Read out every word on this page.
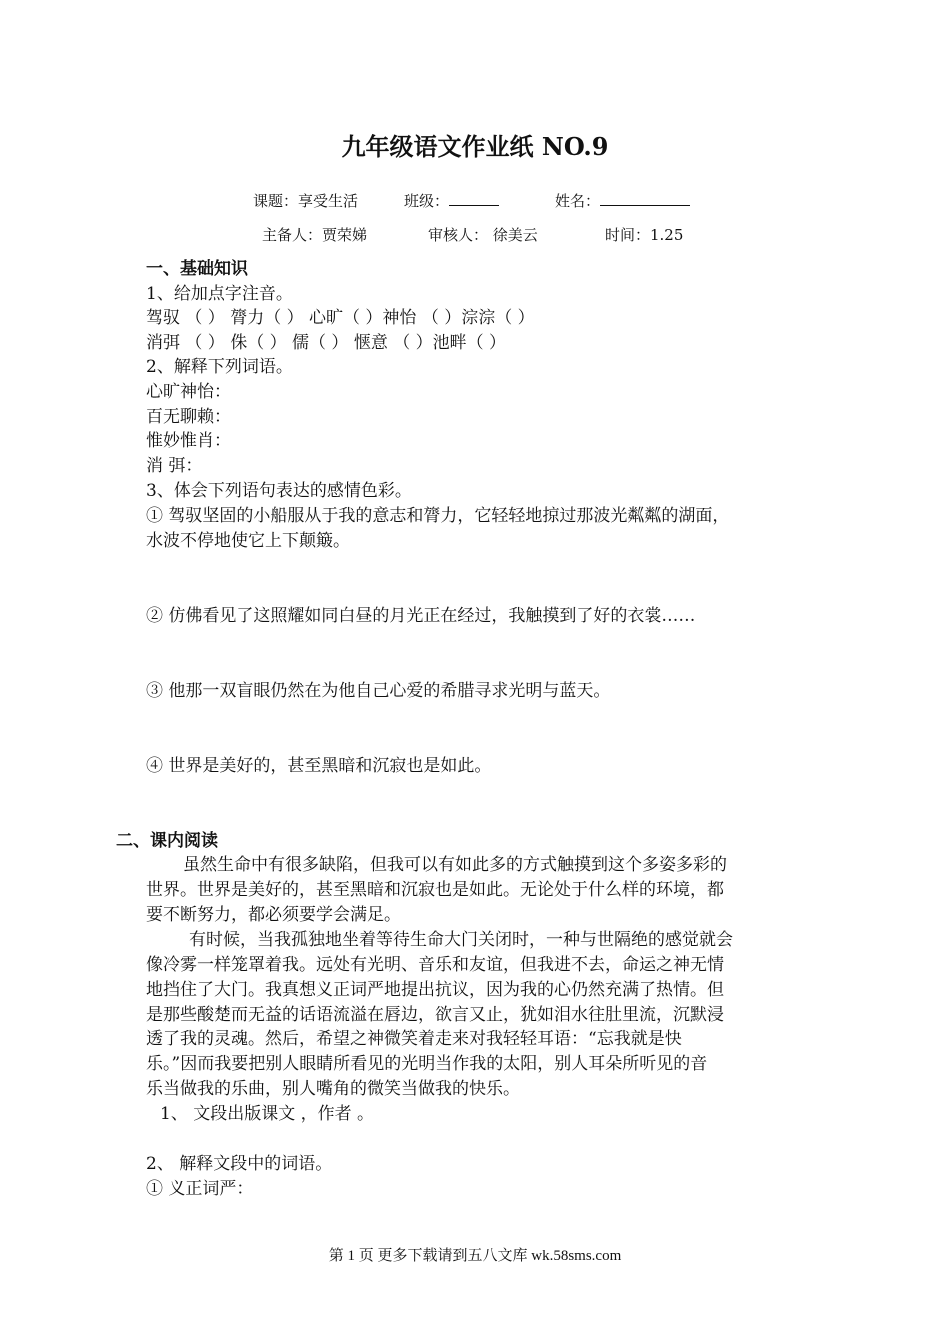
九年级语文作业纸 NO.9
课题：享受生活	班级：	姓名：
主备人：贾荣娣	审核人： 徐美云	时间：1.25
一、基础知识
1、给加点字注音。
驾驭 （ ） 膂力（ ） 心旷（ ）神怡 （ ）淙淙（ ）
消弭 （ ） 侏（ ） 儒（ ） 惬意 （ ）池畔（ ）
2、解释下列词语。
心旷神怡：
百无聊赖：
惟妙惟肖：
消 弭：
3、体会下列语句表达的感情色彩。
① 驾驭坚固的小船服从于我的意志和膂力，它轻轻地掠过那波光粼粼的湖面，
水波不停地使它上下颠簸。
② 仿佛看见了这照耀如同白昼的月光正在经过，我触摸到了好的衣裳……
③ 他那一双盲眼仍然在为他自己心爱的希腊寻求光明与蓝天。
④ 世界是美好的，甚至黑暗和沉寂也是如此。
二、课内阅读
虽然生命中有很多缺陷，但我可以有如此多的方式触摸到这个多姿多彩的
世界。世界是美好的，甚至黑暗和沉寂也是如此。无论处于什么样的环境，都
要不断努力，都必须要学会满足。
有时候，当我孤独地坐着等待生命大门关闭时，一种与世隔绝的感觉就会
像冷雾一样笼罩着我。远处有光明、音乐和友谊，但我进不去，命运之神无情
地挡住了大门。我真想义正词严地提出抗议，因为我的心仍然充满了热情。但
是那些酸楚而无益的话语流溢在唇边，欲言又止，犹如泪水往肚里流，沉默浸
透了我的灵魂。然后，希望之神微笑着走来对我轻轻耳语：“忘我就是快
乐。”因而我要把别人眼睛所看见的光明当作我的太阳，别人耳朵所听见的音
乐当做我的乐曲，别人嘴角的微笑当做我的快乐。
1、 文段出版课文 ，作者 。
2、 解释文段中的词语。
① 义正词严：
第 1 页 更多下载请到五八文库 wk.58sms.com
